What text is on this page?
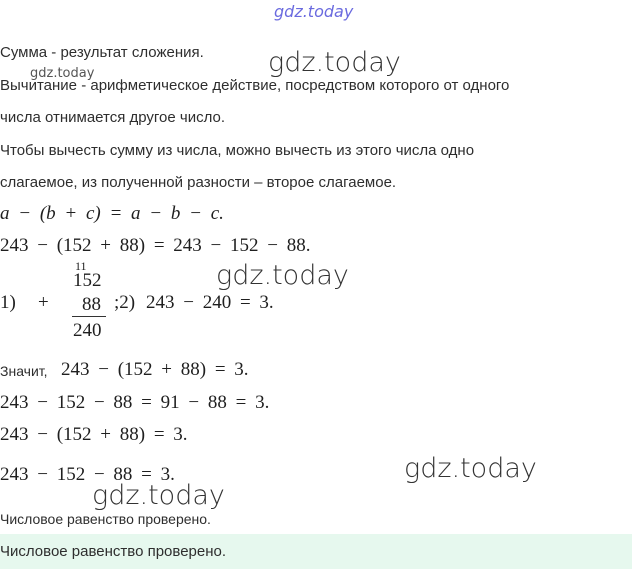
gdz.today
Сумма - результат сложения.
Вычитание - арифметическое действие, посредством которого от одного
числа отнимается другое число.
Чтобы вычесть сумму из числа, можно вычесть из этого числа одно
слагаемое, из полученной разности – второе слагаемое.
a − (b + c) = a − b − c.
243 − (152 + 88) = 243 − 152 − 88.
1) +
11
152
88
240
;2) 243 − 240 = 3.
Значит, 243 − (152 + 88) = 3.
243 − 152 − 88 = 91 − 88 = 3.
243 − (152 + 88) = 3.
243 − 152 − 88 = 3.
Числовое равенство проверено.
Числовое равенство проверено.
gdz.today
gdz.today
gdz.today
gdz.today
gdz.today
